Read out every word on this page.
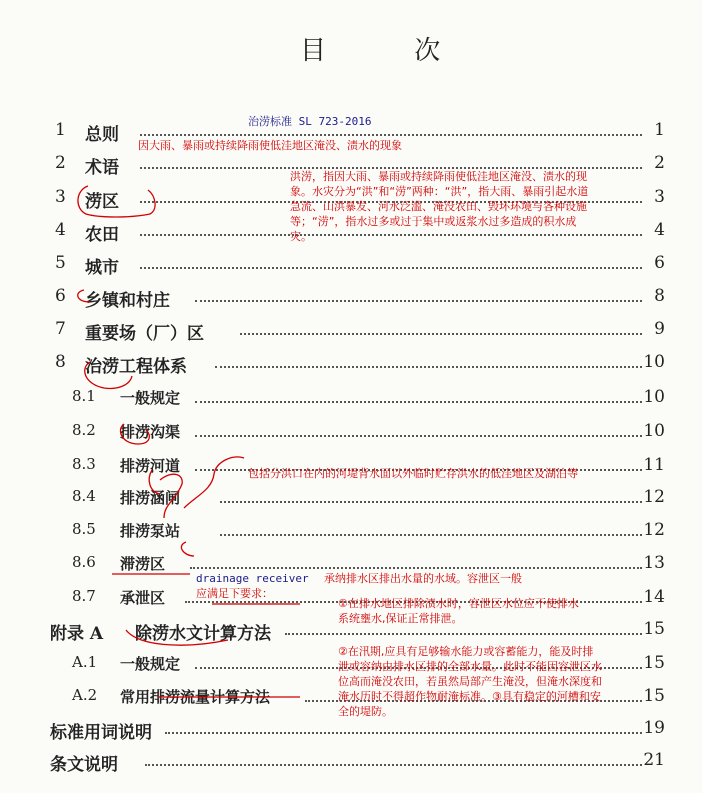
目 次
1 总则	1
2 术语	2
3 涝区	3
4 农田	4
5 城市	6
6 乡镇和村庄	8
7 重要场（厂）区	9
8 治涝工程体系	10
8.1 一般规定	10
8.2 排涝沟渠	10
8.3 排涝河道	11
8.4 排涝涵闸	12
8.5 排涝泵站	12
8.6 滞涝区	13
8.7 承泄区	14
附录 A 除涝水文计算方法	15
A.1 一般规定	15
A.2 常用排涝流量计算方法	15
标准用词说明	19
条文说明	21
治涝标准 SL 723-2016
因大雨、暴雨或持续降雨使低洼地区淹没、渍水的现象
洪涝，指因大雨、暴雨或持续降雨使低洼地区淹没、渍水的现象。水灾分为“洪”和“涝”两种：“洪”，指大雨、暴雨引起水道急流、山洪暴发、河水泛滥、淹没农田、毁坏环境与各种设施等；“涝”，指水过多或过于集中或返浆水过多造成的积水成灾。
包括分洪口在内的河堤背水面以外临时贮存洪水的低洼地区及湖泊等
drainage receiver	承纳排水区排出水量的水域。容泄区一般应满足下要求：
①在排水地区排除渍水时，容泄区水位应不使排水系统壅水,保证正常排泄。
②在汛期,应具有足够输水能力或容蓄能力，能及时排泄或容纳由排水区排的全部水量。此时不能因容泄区水位高而淹没农田，若虽然局部产生淹没，但淹水深度和淹水历时不得超作物耐淹标准。③具有稳定的河槽和安全的堤防。
